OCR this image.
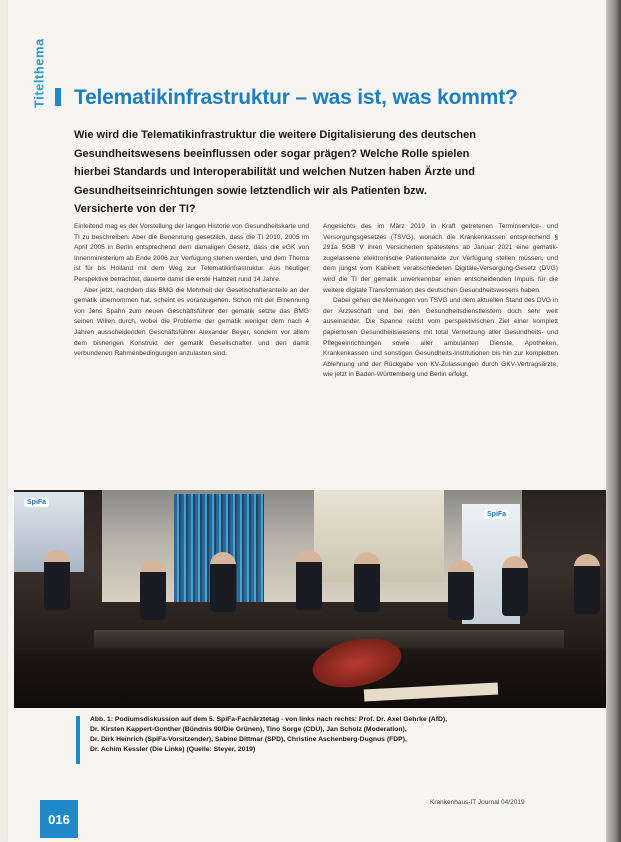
Titelthema Telematikinfrastruktur – was ist, was kommt?

Wie wird die Telematikinfrastruktur die weitere Digitalisierung des deutschen

Gesundheitswesens beeinflussen oder sogar prägen? Welche Rolle spielen

hierbei Standards und Interoperabilität und welchen Nutzen haben Ärzte und

Gesundheitseinrichtungen sowie letztendlich wir als Patienten bzw.

Versicherte von der TI?

Einleitend mag es der Vorstellung der langen Historie von Gesundheitskarte und TI zu beschreiben. Aber die Benennung gesetzlich, dass die TI 2010, 2005 im April 2005 in Berlin entsprechend dem damaligen Gesetz, dass die eGK von Innenministerium ab Ende 2006 zur Verfügung stehen werden, und dem Thema ist für bis Holland mit dem Weg zur Telematikinfrastruktur. Aus heutiger Perspektive betrachtet, dauerte damit die erste Halbzeit rund 14 Jahre.

Aber jetzt, nachdem das BMG die Mehrheit der Gesellschafteranteile an der gematik übernommen hat, scheint es voranzugehen. Schon mit der Ernennung von Jens Spahn zum neuen Geschäftsführer der gematik setzte das BMG seinen Willen durch, wobei die Probleme der gematik weniger dem nach 4 Jahren ausscheidenden Geschäftsführer Alexander Beyer, sondern vor allem dem bisherigen Konstrukt der gematik Gesellschafter und den damit verbundenen Rahmenbedingungen anzulasten sind.

Angesichts des im März 2019 in Kraft getretenen Terminservice- und Versorgungsgesetzes (TSVG), wonach die Krankenkassen entsprechend § 291a SGB V ihren Versicherten spätestens ab Januar 2021 eine gematik-zugelassene elektronische Patientenakte zur Verfügung stellen müssen, und dem jüngst vom Kabinett verabschiedeten Digitale-Versorgung-Gesetz (DVG) wird die TI der gematik unverkennbar einen entscheidenden Impuls für die weitere digitale Transformation des deutschen Gesundheitswesens haben.

Dabei gehen die Meinungen von TSVG und dem aktuellen Stand des DVG in der Ärzteschaft und bei den Gesundheitsdienstleistern doch sehr weit auseinander. Die Spanne reicht vom perspektivischen Ziel einer komplett papierlosen Gesundheitswesens mit total Vernetzung aller Gesundheits- und Pflegeeinrichtungen sowie aller ambulanten Dienste, Apotheken, Krankenkassen und sonstigen Gesundheits-Institutionen bis hin zur kompletten Ablehnung und der Rückgabe von KV-Zulassungen durch GKV-Vertragsärzte, wie jetzt in Baden-Württemberg und Berlin erfolgt.

SpiFa
SpiFa

Abb. 1: Podiumsdiskussion auf dem 5. SpiFa-Fachärztetag - von links nach rechts: Prof. Dr. Axel Gehrke (AfD),

Dr. Kirsten Kappert-Gonther (Bündnis 90/Die Grünen), Tino Sorge (CDU), Jan Scholz (Moderation),

Dr. Dirk Heinrich (SpiFa-Vorsitzender), Sabine Dittmar (SPD), Christine Aschenberg-Dugnus (FDP),

Dr. Achim Kessler (Die Linke) (Quelle: Steyer, 2019)

Krankenhaus-IT Journal 04/2019
016
